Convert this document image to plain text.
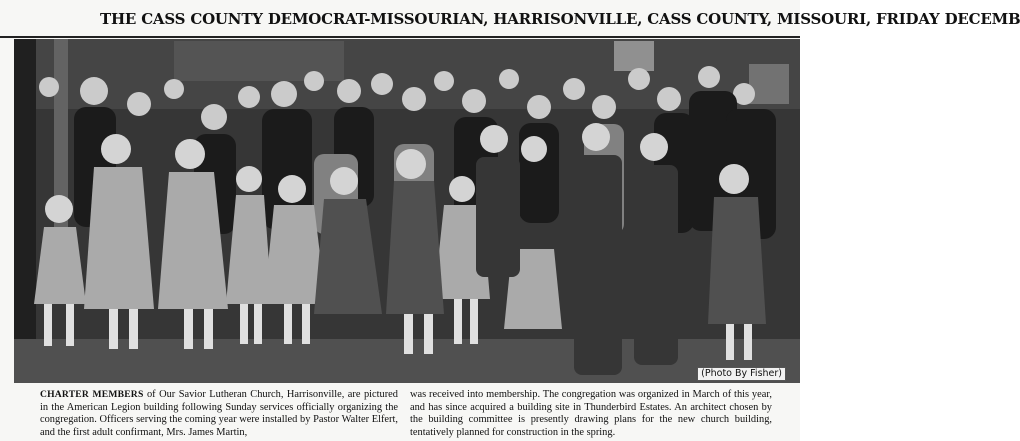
THE CASS COUNTY DEMOCRAT-MISSOURIAN, HARRISONVILLE, CASS COUNTY, MISSOURI, FRIDAY DECEMB
(Photo By Fisher)
CHARTER MEMBERS of Our Savior Lutheran Church, Harrisonville, are pictured in the American Legion building following Sunday services officially organizing the congregation. Officers serving the coming year were installed by Pastor Walter Elfert, and the first adult confirmant, Mrs. James Martin,
was received into membership. The congregation was organized in March of this year, and has since acquired a building site in Thunderbird Estates. An architect chosen by the building committee is presently drawing plans for the new church building, tentatively planned for construction in the spring.
